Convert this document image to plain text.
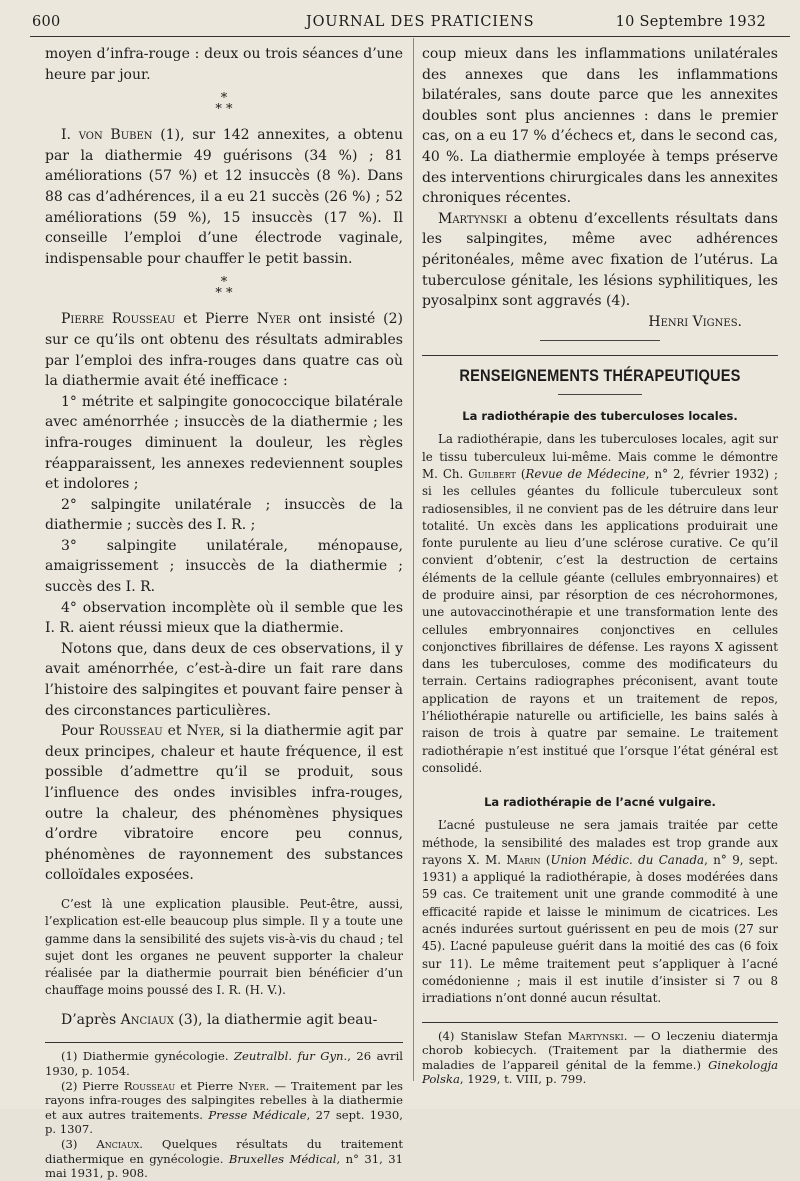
600	JOURNAL DES PRATICIENS	10 Septembre 1932

moyen d’infra-rouge : deux ou trois séances d’une heure par jour.

*
* *

I. von Buben (1), sur 142 annexites, a obtenu par la diathermie 49 guérisons (34 %) ; 81 améliorations (57 %) et 12 insuccès (8 %). Dans 88 cas d’adhérences, il a eu 21 succès (26 %) ; 52 améliorations (59 %), 15 insuccès (17 %). Il conseille l’emploi d’une électrode vaginale, indispensable pour chauffer le petit bassin.

*
* *

Pierre Rousseau et Pierre Nyer ont insisté (2) sur ce qu’ils ont obtenu des résultats admirables par l’emploi des infra-rouges dans quatre cas où la diathermie avait été inefficace :

1° métrite et salpingite gonococcique bilatérale avec aménorrhée ; insuccès de la diathermie ; les infra-rouges diminuent la douleur, les règles réapparaissent, les annexes redeviennent souples et indolores ;

2° salpingite unilatérale ; insuccès de la diathermie ; succès des I. R. ;

3° salpingite unilatérale, ménopause, amaigrissement ; insuccès de la diathermie ; succès des I. R.

4° observation incomplète où il semble que les I. R. aient réussi mieux que la diathermie.

Notons que, dans deux de ces observations, il y avait aménorrhée, c’est-à-dire un fait rare dans l’histoire des salpingites et pouvant faire penser à des circonstances particulières.

Pour Rousseau et Nyer, si la diathermie agit par deux principes, chaleur et haute fréquence, il est possible d’admettre qu’il se produit, sous l’influence des ondes invisibles infra-rouges, outre la chaleur, des phénomènes physiques d’ordre vibratoire encore peu connus, phénomènes de rayonnement des substances colloïdales exposées.

C’est là une explication plausible. Peut-être, aussi, l’explication est-elle beaucoup plus simple. Il y a toute une gamme dans la sensibilité des sujets vis-à-vis du chaud ; tel sujet dont les organes ne peuvent supporter la chaleur réalisée par la diathermie pourrait bien bénéficier d’un chauffage moins poussé des I. R. (H. V.).

D’après Anciaux (3), la diathermie agit beau-

(1) Diathermie gynécologie. Zeutralbl. fur Gyn., 26 avril 1930, p. 1054.

(2) Pierre Rousseau et Pierre Nyer. — Traitement par les rayons infra-rouges des salpingites rebelles à la diathermie et aux autres traitements. Presse Médicale, 27 sept. 1930, p. 1307.

(3) Anciaux. Quelques résultats du traitement diathermique en gynécologie. Bruxelles Médical, n° 31, 31 mai 1931, p. 908.

coup mieux dans les inflammations unilatérales des annexes que dans les inflammations bilatérales, sans doute parce que les annexites doubles sont plus anciennes : dans le premier cas, on a eu 17 % d’échecs et, dans le second cas, 40 %. La diathermie employée à temps préserve des interventions chirurgicales dans les annexites chroniques récentes.

Martynski a obtenu d’excellents résultats dans les salpingites, même avec adhérences péritonéales, même avec fixation de l’utérus. La tuberculose génitale, les lésions syphilitiques, les pyosalpinx sont aggravés (4).

Henri Vignes.

RENSEIGNEMENTS THÉRAPEUTIQUES
La radiothérapie des tuberculoses locales.

La radiothérapie, dans les tuberculoses locales, agit sur le tissu tuberculeux lui-même. Mais comme le démontre M. Ch. Guilbert (Revue de Médecine, n° 2, février 1932) ; si les cellules géantes du follicule tuberculeux sont radiosensibles, il ne convient pas de les détruire dans leur totalité. Un excès dans les applications produirait une fonte purulente au lieu d’une sclérose curative. Ce qu’il convient d’obtenir, c’est la destruction de certains éléments de la cellule géante (cellules embryonnaires) et de produire ainsi, par résorption de ces nécrohormones, une autovaccinothérapie et une transformation lente des cellules embryonnaires conjonctives en cellules conjonctives fibrillaires de défense. Les rayons X agissent dans les tuberculoses, comme des modificateurs du terrain. Certains radiographes préconisent, avant toute application de rayons et un traitement de repos, l’héliothérapie naturelle ou artificielle, les bains salés à raison de trois à quatre par semaine. Le traitement radiothérapie n’est institué que l’orsque l’état général est consolidé.

La radiothérapie de l’acné vulgaire.

L’acné pustuleuse ne sera jamais traitée par cette méthode, la sensibilité des malades est trop grande aux rayons X. M. Marin (Union Médic. du Canada, n° 9, sept. 1931) a appliqué la radiothérapie, à doses modérées dans 59 cas. Ce traitement unit une grande commodité à une efficacité rapide et laisse le minimum de cicatrices. Les acnés indurées surtout guérissent en peu de mois (27 sur 45). L’acné papuleuse guérit dans la moitié des cas (6 foix sur 11). Le même traitement peut s’appliquer à l’acné comédonienne ; mais il est inutile d’insister si 7 ou 8 irradiations n’ont donné aucun résultat.

(4) Stanislaw Stefan Martynski. — O leczeniu diatermja chorob kobiecych. (Traitement par la diathermie des maladies de l’appareil génital de la femme.) Ginekologja Polska, 1929, t. VIII, p. 799.
